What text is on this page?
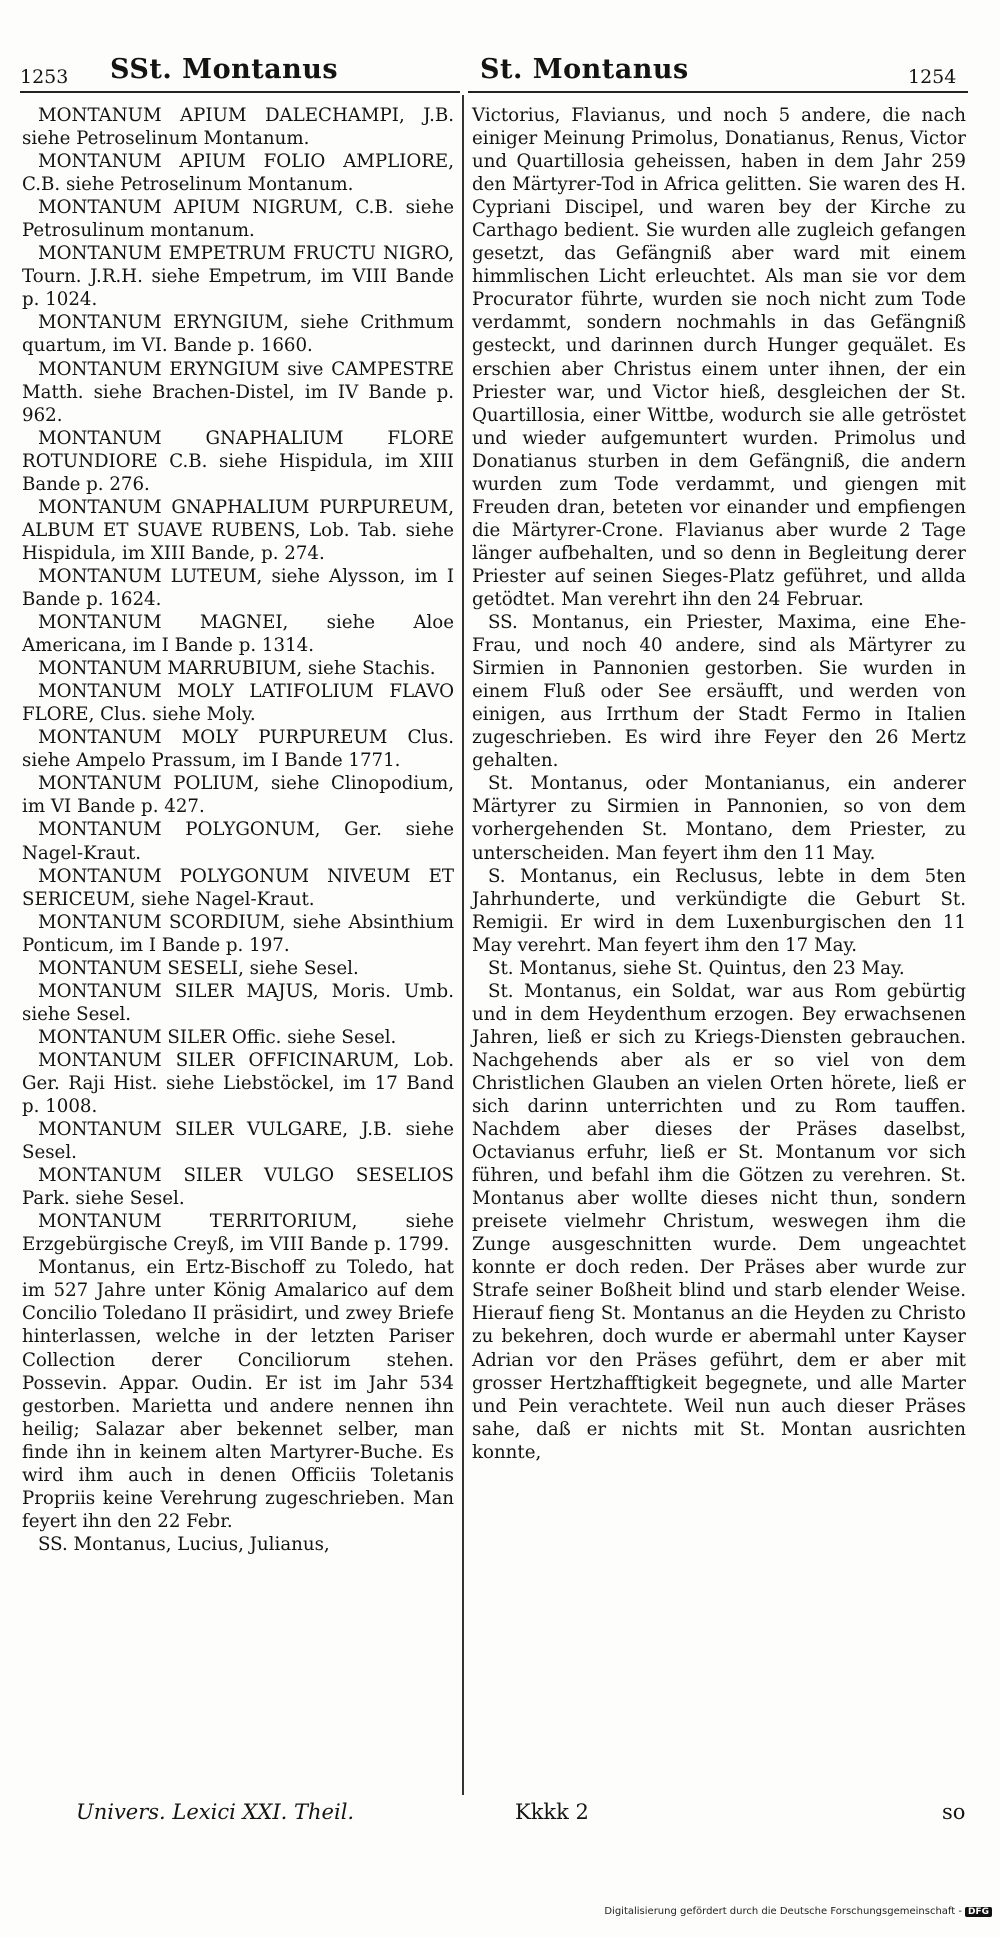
1253 SSt. Montanus	St. Montanus	1254

MONTANUM APIUM DALECHAMPI, J.B. siehe Petroselinum Montanum.

MONTANUM APIUM FOLIO AMPLIORE, C.B. siehe Petroselinum Montanum.

MONTANUM APIUM NIGRUM, C.B. siehe Petrosulinum montanum.

MONTANUM EMPETRUM FRUCTU NIGRO, Tourn. J.R.H. siehe Empetrum, im VIII Bande p. 1024.

MONTANUM ERYNGIUM, siehe Crithmum quartum, im VI. Bande p. 1660.

MONTANUM ERYNGIUM sive CAMPESTRE Matth. siehe Brachen-Distel, im IV Bande p. 962.

MONTANUM GNAPHALIUM FLORE ROTUNDIORE C.B. siehe Hispidula, im XIII Bande p. 276.

MONTANUM GNAPHALIUM PURPUREUM, ALBUM ET SUAVE RUBENS, Lob. Tab. siehe Hispidula, im XIII Bande, p. 274.

MONTANUM LUTEUM, siehe Alysson, im I Bande p. 1624.

MONTANUM MAGNEI, siehe Aloe Americana, im I Bande p. 1314.

MONTANUM MARRUBIUM, siehe Stachis.

MONTANUM MOLY LATIFOLIUM FLAVO FLORE, Clus. siehe Moly.

MONTANUM MOLY PURPUREUM Clus. siehe Ampelo Prassum, im I Bande 1771.

MONTANUM POLIUM, siehe Clinopodium, im VI Bande p. 427.

MONTANUM POLYGONUM, Ger. siehe Nagel-Kraut.

MONTANUM POLYGONUM NIVEUM ET SERICEUM, siehe Nagel-Kraut.

MONTANUM SCORDIUM, siehe Absinthium Ponticum, im I Bande p. 197.

MONTANUM SESELI, siehe Sesel.

MONTANUM SILER MAJUS, Moris. Umb. siehe Sesel.

MONTANUM SILER Offic. siehe Sesel.

MONTANUM SILER OFFICINARUM, Lob. Ger. Raji Hist. siehe Liebstöckel, im 17 Band p. 1008.

MONTANUM SILER VULGARE, J.B. siehe Sesel.

MONTANUM SILER VULGO SESELIOS Park. siehe Sesel.

MONTANUM TERRITORIUM, siehe Erzgebürgische Creyß, im VIII Bande p. 1799.

Montanus, ein Ertz-Bischoff zu Toledo, hat im 527 Jahre unter König Amalarico auf dem Concilio Toledano II präsidirt, und zwey Briefe hinterlassen, welche in der letzten Pariser Collection derer Conciliorum stehen. Possevin. Appar. Oudin. Er ist im Jahr 534 gestorben. Marietta und andere nennen ihn heilig; Salazar aber bekennet selber, man finde ihn in keinem alten Martyrer-Buche. Es wird ihm auch in denen Officiis Toletanis Propriis keine Verehrung zugeschrieben. Man feyert ihn den 22 Febr.

SS. Montanus, Lucius, Julianus,

Victorius, Flavianus, und noch 5 andere, die nach einiger Meinung Primolus, Donatianus, Renus, Victor und Quartillosia geheissen, haben in dem Jahr 259 den Märtyrer-Tod in Africa gelitten. Sie waren des H. Cypriani Discipel, und waren bey der Kirche zu Carthago bedient. Sie wurden alle zugleich gefangen gesetzt, das Gefängniß aber ward mit einem himmlischen Licht erleuchtet. Als man sie vor dem Procurator führte, wurden sie noch nicht zum Tode verdammt, sondern nochmahls in das Gefängniß gesteckt, und darinnen durch Hunger gequälet. Es erschien aber Christus einem unter ihnen, der ein Priester war, und Victor hieß, desgleichen der St. Quartillosia, einer Wittbe, wodurch sie alle getröstet und wieder aufgemuntert wurden. Primolus und Donatianus sturben in dem Gefängniß, die andern wurden zum Tode verdammt, und giengen mit Freuden dran, beteten vor einander und empfiengen die Märtyrer-Crone. Flavianus aber wurde 2 Tage länger aufbehalten, und so denn in Begleitung derer Priester auf seinen Sieges-Platz geführet, und allda getödtet. Man verehrt ihn den 24 Februar.

SS. Montanus, ein Priester, Maxima, eine Ehe-Frau, und noch 40 andere, sind als Märtyrer zu Sirmien in Pannonien gestorben. Sie wurden in einem Fluß oder See ersäufft, und werden von einigen, aus Irrthum der Stadt Fermo in Italien zugeschrieben. Es wird ihre Feyer den 26 Mertz gehalten.

St. Montanus, oder Montanianus, ein anderer Märtyrer zu Sirmien in Pannonien, so von dem vorhergehenden St. Montano, dem Priester, zu unterscheiden. Man feyert ihm den 11 May.

S. Montanus, ein Reclusus, lebte in dem 5ten Jahrhunderte, und verkündigte die Geburt St. Remigii. Er wird in dem Luxenburgischen den 11 May verehrt. Man feyert ihm den 17 May.

St. Montanus, siehe St. Quintus, den 23 May.

St. Montanus, ein Soldat, war aus Rom gebürtig und in dem Heydenthum erzogen. Bey erwachsenen Jahren, ließ er sich zu Kriegs-Diensten gebrauchen. Nachgehends aber als er so viel von dem Christlichen Glauben an vielen Orten hörete, ließ er sich darinn unterrichten und zu Rom tauffen. Nachdem aber dieses der Präses daselbst, Octavianus erfuhr, ließ er St. Montanum vor sich führen, und befahl ihm die Götzen zu verehren. St. Montanus aber wollte dieses nicht thun, sondern preisete vielmehr Christum, weswegen ihm die Zunge ausgeschnitten wurde. Dem ungeachtet konnte er doch reden. Der Präses aber wurde zur Strafe seiner Boßheit blind und starb elender Weise. Hierauf fieng St. Montanus an die Heyden zu Christo zu bekehren, doch wurde er abermahl unter Kayser Adrian vor den Präses geführt, dem er aber mit grosser Hertzhafftigkeit begegnete, und alle Marter und Pein verachtete. Weil nun auch dieser Präses sahe, daß er nichts mit St. Montan ausrichten konnte,

Univers. Lexici XXI. Theil.	Kkkk 2	so
Digitalisierung gefördert durch die Deutsche Forschungsgemeinschaft - DFG
